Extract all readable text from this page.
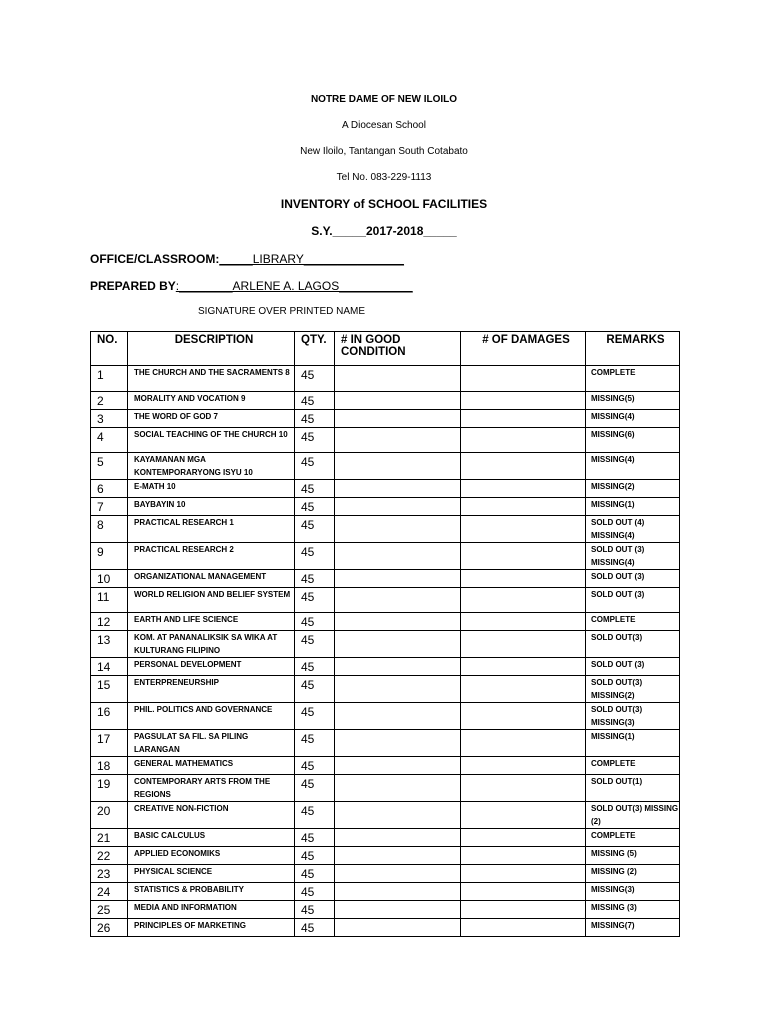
NOTRE DAME OF NEW ILOILO
A Diocesan School
New Iloilo, Tantangan South Cotabato
Tel No. 083-229-1113
INVENTORY of SCHOOL FACILITIES
S.Y._____2017-2018_____
OFFICE/CLASSROOM:_____LIBRARY_______________
PREPARED BY:________ARLENE A. LAGOS___________
SIGNATURE OVER PRINTED NAME
NO.	DESCRIPTION	QTY.	# IN GOOD CONDITION	# OF DAMAGES	REMARKS
1	THE CHURCH AND THE SACRAMENTS 8	45			COMPLETE
2	MORALITY AND VOCATION 9	45			MISSING(5)
3	THE WORD OF GOD 7	45			MISSING(4)
4	SOCIAL TEACHING OF THE CHURCH 10	45			MISSING(6)
5	KAYAMANAN MGA KONTEMPORARYONG ISYU 10	45			MISSING(4)
6	E-MATH 10	45			MISSING(2)
7	BAYBAYIN 10	45			MISSING(1)
8	PRACTICAL RESEARCH 1	45			SOLD OUT (4) MISSING(4)
9	PRACTICAL RESEARCH 2	45			SOLD OUT (3) MISSING(4)
10	ORGANIZATIONAL MANAGEMENT	45			SOLD OUT (3)
11	WORLD RELIGION AND BELIEF SYSTEM	45			SOLD OUT (3)
12	EARTH AND LIFE SCIENCE	45			COMPLETE
13	KOM. AT PANANALIKSIK SA WIKA AT KULTURANG FILIPINO	45			SOLD OUT(3)
14	PERSONAL DEVELOPMENT	45			SOLD OUT (3)
15	ENTERPRENEURSHIP	45			SOLD OUT(3) MISSING(2)
16	PHIL. POLITICS AND GOVERNANCE	45			SOLD OUT(3) MISSING(3)
17	PAGSULAT SA FIL. SA PILING LARANGAN	45			MISSING(1)
18	GENERAL MATHEMATICS	45			COMPLETE
19	CONTEMPORARY ARTS FROM THE REGIONS	45			SOLD OUT(1)
20	CREATIVE NON-FICTION	45			SOLD OUT(3) MISSING (2)
21	BASIC CALCULUS	45			COMPLETE
22	APPLIED ECONOMIKS	45			MISSING (5)
23	PHYSICAL SCIENCE	45			MISSING (2)
24	STATISTICS & PROBABILITY	45			MISSING(3)
25	MEDIA AND INFORMATION	45			MISSING (3)
26	PRINCIPLES OF MARKETING	45			MISSING(7)
